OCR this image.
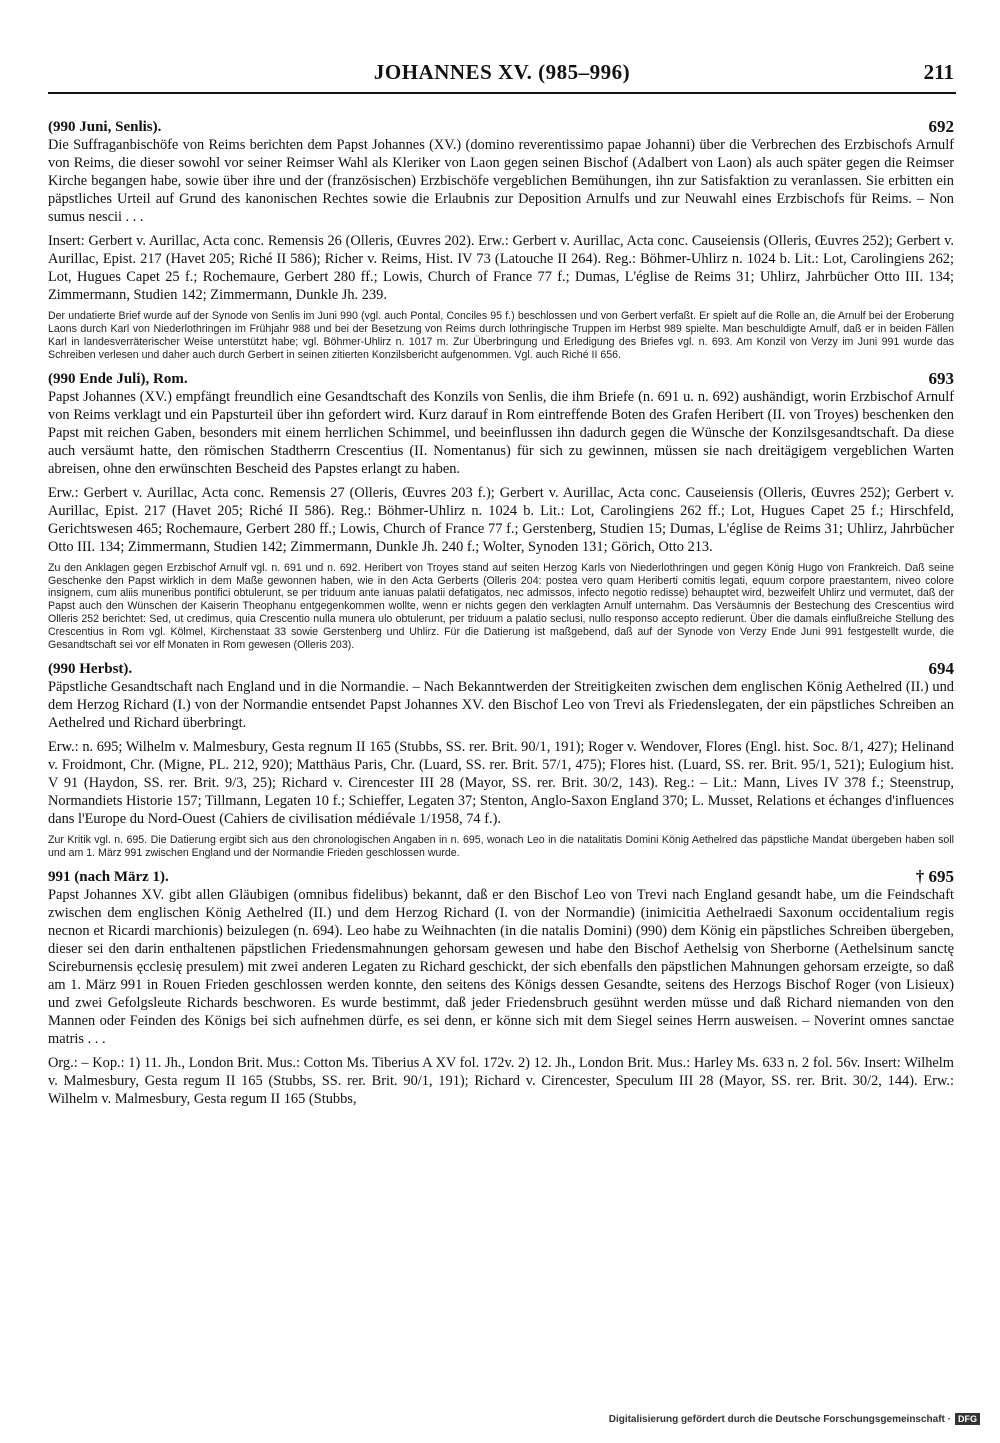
JOHANNES XV. (985–996)	211
(990 Juni, Senlis).	692
Die Suffraganbischöfe von Reims berichten dem Papst Johannes (XV.) (domino reverentissimo papae Johanni) über die Verbrechen des Erzbischofs Arnulf von Reims, die dieser sowohl vor seiner Reimser Wahl als Kleriker von Laon gegen seinen Bischof (Adalbert von Laon) als auch später gegen die Reimser Kirche begangen habe, sowie über ihre und der (französischen) Erzbischöfe vergeblichen Bemühungen, ihn zur Satisfaktion zu veranlassen. Sie erbitten ein päpstliches Urteil auf Grund des kanonischen Rechtes sowie die Erlaubnis zur Deposition Arnulfs und zur Neuwahl eines Erzbischofs für Reims. – Non sumus nescii . . .
Insert: Gerbert v. Aurillac, Acta conc. Remensis 26 (Olleris, Œuvres 202). Erw.: Gerbert v. Aurillac, Acta conc. Causeiensis (Olleris, Œuvres 252); Gerbert v. Aurillac, Epist. 217 (Havet 205; Riché II 586); Richer v. Reims, Hist. IV 73 (Latouche II 264). Reg.: Böhmer-Uhlirz n. 1024 b. Lit.: Lot, Carolingiens 262; Lot, Hugues Capet 25 f.; Rochemaure, Gerbert 280 ff.; Lowis, Church of France 77 f.; Dumas, L'église de Reims 31; Uhlirz, Jahrbücher Otto III. 134; Zimmermann, Studien 142; Zimmermann, Dunkle Jh. 239.
Der undatierte Brief wurde auf der Synode von Senlis im Juni 990 (vgl. auch Pontal, Conciles 95 f.) beschlossen und von Gerbert verfaßt. Er spielt auf die Rolle an, die Arnulf bei der Eroberung Laons durch Karl von Niederlothringen im Frühjahr 988 und bei der Besetzung von Reims durch lothringische Truppen im Herbst 989 spielte. Man beschuldigte Arnulf, daß er in beiden Fällen Karl in landesverräterischer Weise unterstützt habe; vgl. Böhmer-Uhlirz n. 1017 m. Zur Überbringung und Erledigung des Briefes vgl. n. 693. Am Konzil von Verzy im Juni 991 wurde das Schreiben verlesen und daher auch durch Gerbert in seinen zitierten Konzilsbericht aufgenommen. Vgl. auch Riché II 656.
(990 Ende Juli), Rom.	693
Papst Johannes (XV.) empfängt freundlich eine Gesandtschaft des Konzils von Senlis, die ihm Briefe (n. 691 u. n. 692) aushändigt, worin Erzbischof Arnulf von Reims verklagt und ein Papsturteil über ihn gefordert wird. Kurz darauf in Rom eintreffende Boten des Grafen Heribert (II. von Troyes) beschenken den Papst mit reichen Gaben, besonders mit einem herrlichen Schimmel, und beeinflussen ihn dadurch gegen die Wünsche der Konzilsgesandtschaft. Da diese auch versäumt hatte, den römischen Stadtherrn Crescentius (II. Nomentanus) für sich zu gewinnen, müssen sie nach dreitägigem vergeblichen Warten abreisen, ohne den erwünschten Bescheid des Papstes erlangt zu haben.
Erw.: Gerbert v. Aurillac, Acta conc. Remensis 27 (Olleris, Œuvres 203 f.); Gerbert v. Aurillac, Acta conc. Causeiensis (Olleris, Œuvres 252); Gerbert v. Aurillac, Epist. 217 (Havet 205; Riché II 586). Reg.: Böhmer-Uhlirz n. 1024 b. Lit.: Lot, Carolingiens 262 ff.; Lot, Hugues Capet 25 f.; Hirschfeld, Gerichtswesen 465; Rochemaure, Gerbert 280 ff.; Lowis, Church of France 77 f.; Gerstenberg, Studien 15; Dumas, L'église de Reims 31; Uhlirz, Jahrbücher Otto III. 134; Zimmermann, Studien 142; Zimmermann, Dunkle Jh. 240 f.; Wolter, Synoden 131; Görich, Otto 213.
Zu den Anklagen gegen Erzbischof Arnulf vgl. n. 691 und n. 692. Heribert von Troyes stand auf seiten Herzog Karls von Niederlothringen und gegen König Hugo von Frankreich. Daß seine Geschenke den Papst wirklich in dem Maße gewonnen haben, wie in den Acta Gerberts (Olleris 204: postea vero quam Heriberti comitis legati, equum corpore praestantem, niveo colore insignem, cum aliis muneribus pontifici obtulerunt, se per triduum ante ianuas palatii defatigatos, nec admissos, infecto negotio redisse) behauptet wird, bezweifelt Uhlirz und vermutet, daß der Papst auch den Wünschen der Kaiserin Theophanu entgegenkommen wollte, wenn er nichts gegen den verklagten Arnulf unternahm. Das Versäumnis der Bestechung des Crescentius wird Olleris 252 berichtet: Sed, ut credimus, quia Crescentio nulla munera ulo obtulerunt, per triduum a palatio seclusi, nullo responso accepto redierunt. Über die damals einflußreiche Stellung des Crescentius in Rom vgl. Kölmel, Kirchenstaat 33 sowie Gerstenberg und Uhlirz. Für die Datierung ist maßgebend, daß auf der Synode von Verzy Ende Juni 991 festgestellt wurde, die Gesandtschaft sei vor elf Monaten in Rom gewesen (Olleris 203).
(990 Herbst).	694
Päpstliche Gesandtschaft nach England und in die Normandie. – Nach Bekanntwerden der Streitigkeiten zwischen dem englischen König Aethelred (II.) und dem Herzog Richard (I.) von der Normandie entsendet Papst Johannes XV. den Bischof Leo von Trevi als Friedenslegaten, der ein päpstliches Schreiben an Aethelred und Richard überbringt.
Erw.: n. 695; Wilhelm v. Malmesbury, Gesta regnum II 165 (Stubbs, SS. rer. Brit. 90/1, 191); Roger v. Wendover, Flores (Engl. hist. Soc. 8/1, 427); Helinand v. Froidmont, Chr. (Migne, PL. 212, 920); Matthäus Paris, Chr. (Luard, SS. rer. Brit. 57/1, 475); Flores hist. (Luard, SS. rer. Brit. 95/1, 521); Eulogium hist. V 91 (Haydon, SS. rer. Brit. 9/3, 25); Richard v. Cirencester III 28 (Mayor, SS. rer. Brit. 30/2, 143). Reg.: – Lit.: Mann, Lives IV 378 f.; Steenstrup, Normandiets Historie 157; Tillmann, Legaten 10 f.; Schieffer, Legaten 37; Stenton, Anglo-Saxon England 370; L. Musset, Relations et échanges d'influences dans l'Europe du Nord-Ouest (Cahiers de civilisation médiévale 1/1958, 74 f.).
Zur Kritik vgl. n. 695. Die Datierung ergibt sich aus den chronologischen Angaben in n. 695, wonach Leo in die natalitatis Domini König Aethelred das päpstliche Mandat übergeben haben soll und am 1. März 991 zwischen England und der Normandie Frieden geschlossen wurde.
991 (nach März 1).	† 695
Papst Johannes XV. gibt allen Gläubigen (omnibus fidelibus) bekannt, daß er den Bischof Leo von Trevi nach England gesandt habe, um die Feindschaft zwischen dem englischen König Aethelred (II.) und dem Herzog Richard (I. von der Normandie) (inimicitia Aethelraedi Saxonum occidentalium regis necnon et Ricardi marchionis) beizulegen (n. 694). Leo habe zu Weihnachten (in die natalis Domini) (990) dem König ein päpstliches Schreiben übergeben, dieser sei den darin enthaltenen päpstlichen Friedensmahnungen gehorsam gewesen und habe den Bischof Aethelsig von Sherborne (Aethelsinum sanctę Scireburnensis ęcclesię presulem) mit zwei anderen Legaten zu Richard geschickt, der sich ebenfalls den päpstlichen Mahnungen gehorsam erzeigte, so daß am 1. März 991 in Rouen Frieden geschlossen werden konnte, den seitens des Königs dessen Gesandte, seitens des Herzogs Bischof Roger (von Lisieux) und zwei Gefolgsleute Richards beschworen. Es wurde bestimmt, daß jeder Friedensbruch gesühnt werden müsse und daß Richard niemanden von den Mannen oder Feinden des Königs bei sich aufnehmen dürfe, es sei denn, er könne sich mit dem Siegel seines Herrn ausweisen. – Noverint omnes sanctae matris . . .
Org.: – Kop.: 1) 11. Jh., London Brit. Mus.: Cotton Ms. Tiberius A XV fol. 172v. 2) 12. Jh., London Brit. Mus.: Harley Ms. 633 n. 2 fol. 56v. Insert: Wilhelm v. Malmesbury, Gesta regum II 165 (Stubbs, SS. rer. Brit. 90/1, 191); Richard v. Cirencester, Speculum III 28 (Mayor, SS. rer. Brit. 30/2, 144). Erw.: Wilhelm v. Malmesbury, Gesta regum II 165 (Stubbs,
Digitalisierung gefördert durch die Deutsche Forschungsgemeinschaft · DFG
